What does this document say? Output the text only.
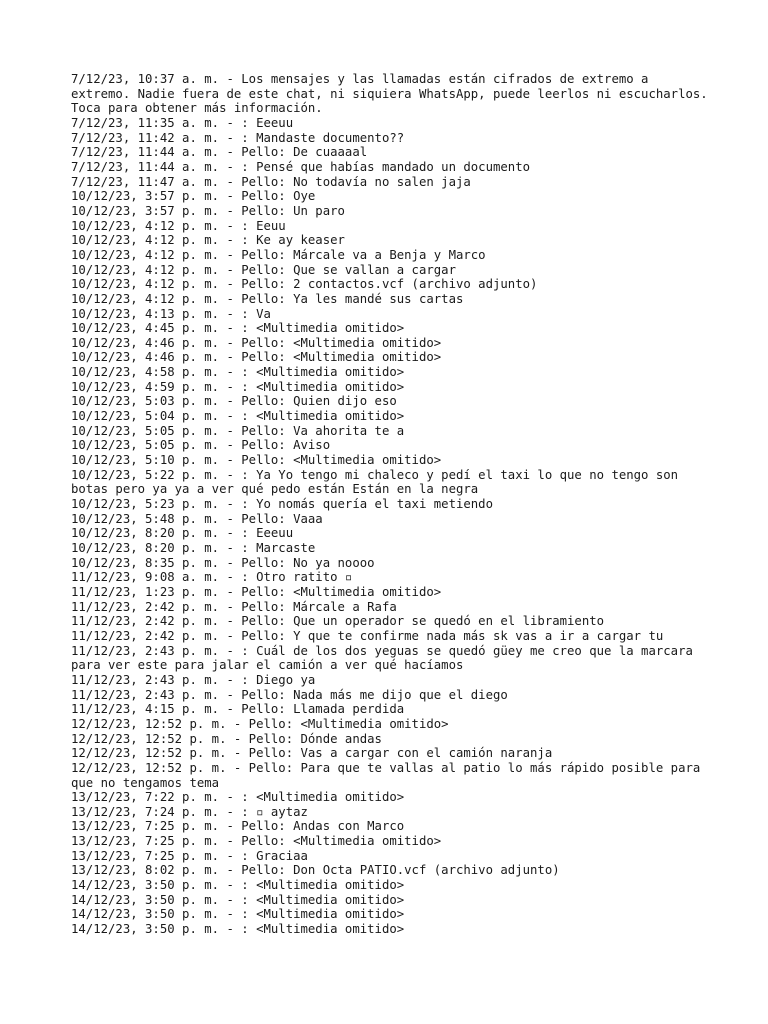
7/12/23, 10:37 a. m. - Los mensajes y las llamadas están cifrados de extremo a extremo. Nadie fuera de este chat, ni siquiera WhatsApp, puede leerlos ni escucharlos. Toca para obtener más información.
7/12/23, 11:35 a. m. - : Eeeuu
7/12/23, 11:42 a. m. - : Mandaste documento??
7/12/23, 11:44 a. m. - Pello: De cuaaaal
7/12/23, 11:44 a. m. - : Pensé que habías mandado un documento
7/12/23, 11:47 a. m. - Pello: No todavía no salen jaja
10/12/23, 3:57 p. m. - Pello: Oye
10/12/23, 3:57 p. m. - Pello: Un paro
10/12/23, 4:12 p. m. - : Eeuu
10/12/23, 4:12 p. m. - : Ke ay keaser
10/12/23, 4:12 p. m. - Pello: Márcale va a Benja y Marco
10/12/23, 4:12 p. m. - Pello: Que se vallan a cargar
10/12/23, 4:12 p. m. - Pello: 2 contactos.vcf (archivo adjunto)
10/12/23, 4:12 p. m. - Pello: Ya les mandé sus cartas
10/12/23, 4:13 p. m. - : Va
10/12/23, 4:45 p. m. - : <Multimedia omitido>
10/12/23, 4:46 p. m. - Pello: <Multimedia omitido>
10/12/23, 4:46 p. m. - Pello: <Multimedia omitido>
10/12/23, 4:58 p. m. - : <Multimedia omitido>
10/12/23, 4:59 p. m. - : <Multimedia omitido>
10/12/23, 5:03 p. m. - Pello: Quien dijo eso
10/12/23, 5:04 p. m. - : <Multimedia omitido>
10/12/23, 5:05 p. m. - Pello: Va ahorita te a
10/12/23, 5:05 p. m. - Pello: Aviso
10/12/23, 5:10 p. m. - Pello: <Multimedia omitido>
10/12/23, 5:22 p. m. - : Ya Yo tengo mi chaleco y pedí el taxi lo que no tengo son botas pero ya ya a ver qué pedo están Están en la negra
10/12/23, 5:23 p. m. - : Yo nomás quería el taxi metiendo
10/12/23, 5:48 p. m. - Pello: Vaaa
10/12/23, 8:20 p. m. - : Eeeuu
10/12/23, 8:20 p. m. - : Marcaste
10/12/23, 8:35 p. m. - Pello: No ya noooo
11/12/23, 9:08 a. m. - : Otro ratito ▫
11/12/23, 1:23 p. m. - Pello: <Multimedia omitido>
11/12/23, 2:42 p. m. - Pello: Márcale a Rafa
11/12/23, 2:42 p. m. - Pello: Que un operador se quedó en el libramiento
11/12/23, 2:42 p. m. - Pello: Y que te confirme nada más sk vas a ir a cargar tu
11/12/23, 2:43 p. m. - : Cuál de los dos yeguas se quedó güey me creo que la marcara para ver este para jalar el camión a ver qué hacíamos
11/12/23, 2:43 p. m. - : Diego ya
11/12/23, 2:43 p. m. - Pello: Nada más me dijo que el diego
11/12/23, 4:15 p. m. - Pello: Llamada perdida
12/12/23, 12:52 p. m. - Pello: <Multimedia omitido>
12/12/23, 12:52 p. m. - Pello: Dónde andas
12/12/23, 12:52 p. m. - Pello: Vas a cargar con el camión naranja
12/12/23, 12:52 p. m. - Pello: Para que te vallas al patio lo más rápido posible para que no tengamos tema
13/12/23, 7:22 p. m. - : <Multimedia omitido>
13/12/23, 7:24 p. m. - : ▫ aytaz
13/12/23, 7:25 p. m. - Pello: Andas con Marco
13/12/23, 7:25 p. m. - Pello: <Multimedia omitido>
13/12/23, 7:25 p. m. - : Graciaa
13/12/23, 8:02 p. m. - Pello: Don Octa PATIO.vcf (archivo adjunto)
14/12/23, 3:50 p. m. - : <Multimedia omitido>
14/12/23, 3:50 p. m. - : <Multimedia omitido>
14/12/23, 3:50 p. m. - : <Multimedia omitido>
14/12/23, 3:50 p. m. - : <Multimedia omitido>
